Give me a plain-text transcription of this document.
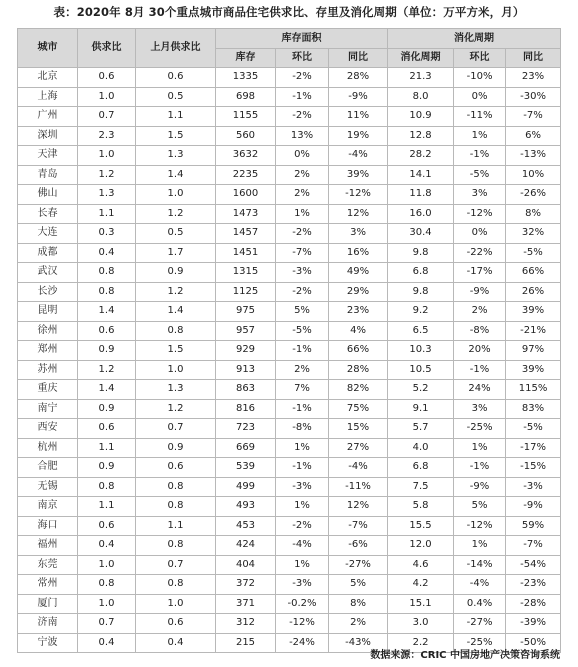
表：2020年 8月 30个重点城市商品住宅供求比、存里及消化周期（单位：万平方米，月）
城市	供求比	上月供求比	库存面积			消化周期		
			库存	环比	同比	消化周期	环比	同比
北京	0.6	0.6	1335	-2%	28%	21.3	-10%	23%
上海	1.0	0.5	698	-1%	-9%	8.0	0%	-30%
广州	0.7	1.1	1155	-2%	11%	10.9	-11%	-7%
深圳	2.3	1.5	560	13%	19%	12.8	1%	6%
天津	1.0	1.3	3632	0%	-4%	28.2	-1%	-13%
青岛	1.2	1.4	2235	2%	39%	14.1	-5%	10%
佛山	1.3	1.0	1600	2%	-12%	11.8	3%	-26%
长春	1.1	1.2	1473	1%	12%	16.0	-12%	8%
大连	0.3	0.5	1457	-2%	3%	30.4	0%	32%
成都	0.4	1.7	1451	-7%	16%	9.8	-22%	-5%
武汉	0.8	0.9	1315	-3%	49%	6.8	-17%	66%
长沙	0.8	1.2	1125	-2%	29%	9.8	-9%	26%
昆明	1.4	1.4	975	5%	23%	9.2	2%	39%
徐州	0.6	0.8	957	-5%	4%	6.5	-8%	-21%
郑州	0.9	1.5	929	-1%	66%	10.3	20%	97%
苏州	1.2	1.0	913	2%	28%	10.5	-1%	39%
重庆	1.4	1.3	863	7%	82%	5.2	24%	115%
南宁	0.9	1.2	816	-1%	75%	9.1	3%	83%
西安	0.6	0.7	723	-8%	15%	5.7	-25%	-5%
杭州	1.1	0.9	669	1%	27%	4.0	1%	-17%
合肥	0.9	0.6	539	-1%	-4%	6.8	-1%	-15%
无锡	0.8	0.8	499	-3%	-11%	7.5	-9%	-3%
南京	1.1	0.8	493	1%	12%	5.8	5%	-9%
海口	0.6	1.1	453	-2%	-7%	15.5	-12%	59%
福州	0.4	0.8	424	-4%	-6%	12.0	1%	-7%
东莞	1.0	0.7	404	1%	-27%	4.6	-14%	-54%
常州	0.8	0.8	372	-3%	5%	4.2	-4%	-23%
厦门	1.0	1.0	371	-0.2%	8%	15.1	0.4%	-28%
济南	0.7	0.6	312	-12%	2%	3.0	-27%	-39%
宁波	0.4	0.4	215	-24%	-43%	2.2	-25%	-50%
数据来源：CRIC 中国房地产决策咨询系统
